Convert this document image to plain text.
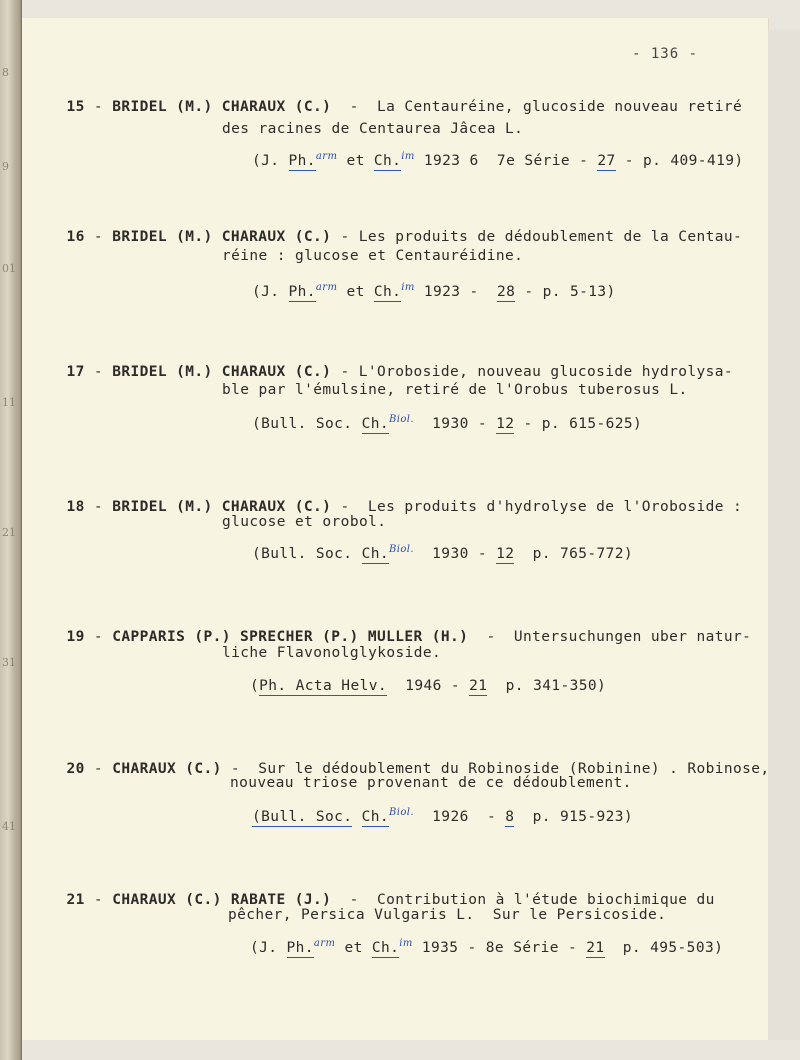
8
9
01
11
21
31
41
- 136 -

15 - BRIDEL (M.) CHARAUX (C.)  -  La Centauréine, glucoside nouveau retiré

des racines de Centaurea Jâcea L.
(J. Ph.$^{arm}$ et Ch.$^{im}$ 1923 6  7e Série - 27 - p. 409-419)

16 - BRIDEL (M.) CHARAUX (C.) - Les produits de dédoublement de la Centau-

réine : glucose et Centauréidine.
(J. Ph.$^{arm}$ et Ch.$^{im}$ 1923 - 28 - p. 5-13)

17 - BRIDEL (M.) CHARAUX (C.) - L'Oroboside, nouveau glucoside hydrolysa-

ble par l'émulsine, retiré de l'Orobus tuberosus L.
(Bull. Soc. Ch.$^{Biol.}$  1930 - 12 - p. 615-625)

18 - BRIDEL (M.) CHARAUX (C.) -  Les produits d'hydrolyse de l'Oroboside :

glucose et orobol.
(Bull. Soc. Ch.$^{Biol.}$  1930 - 12  p. 765-772)

19 - CAPPARIS (P.) SPRECHER (P.) MULLER (H.)  -  Untersuchungen uber natur-

liche Flavonolglykoside.
(Ph. Acta Helv.  1946 - 21  p. 341-350)

20 - CHARAUX (C.) -  Sur le dédoublement du Robinoside (Robinine) . Robinose,

nouveau triose provenant de ce dédoublement.
(Bull. Soc. Ch.$^{Biol.}$  1926  - 8  p. 915-923)

21 - CHARAUX (C.) RABATE (J.)  -  Contribution à l'étude biochimique du

pêcher, Persica Vulgaris L.  Sur le Persicoside.
(J. Ph.$^{arm}$ et Ch.$^{im}$ 1935 - 8e Série - 21  p. 495-503)
